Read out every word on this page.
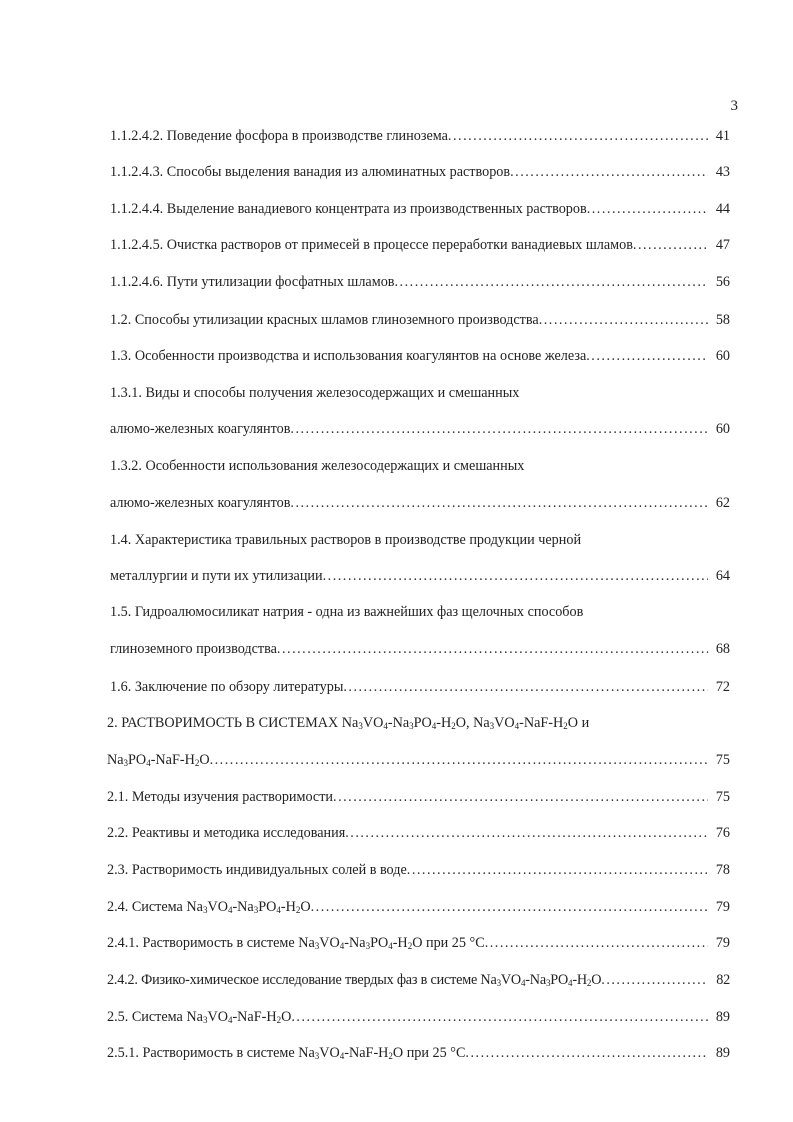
3
1.1.2.4.2. Поведение фосфора в производстве глинозема .....	41
1.1.2.4.3. Способы выделения ванадия из алюминатных растворов .....	43
1.1.2.4.4. Выделение ванадиевого концентрата из производственных растворов .....	44
1.1.2.4.5. Очистка растворов от примесей в процессе переработки ванадиевых шламов .....	47
1.1.2.4.6. Пути утилизации фосфатных шламов .....	56
1.2. Способы утилизации красных шламов глиноземного производства .....	58
1.3. Особенности производства и использования коагулянтов на основе железа .....	60
1.3.1. Виды и способы получения железосодержащих и смешанных
алюмо-железных коагулянтов .....	60
1.3.2. Особенности использования железосодержащих и смешанных
алюмо-железных коагулянтов .....	62
1.4. Характеристика травильных растворов в производстве продукции черной
металлургии и пути их утилизации .....	64
1.5. Гидроалюмосиликат натрия - одна из важнейших фаз щелочных способов
глиноземного производства .....	68
1.6. Заключение по обзору литературы .....	72
2. РАСТВОРИМОСТЬ В СИСТЕМАХ $Na_3VO_4-Na_3PO_4-H_2O$, $Na_3VO_4-NaF-H_2O$ и
$Na_3PO_4-NaF-H_2O$ .....	75
2.1. Методы изучения растворимости .....	75
2.2. Реактивы и методика исследования .....	76
2.3. Растворимость индивидуальных солей в воде .....	78
2.4. Система $Na_3VO_4-Na_3PO_4-H_2O$ .....	79
2.4.1. Растворимость в системе $Na_3VO_4-Na_3PO_4-H_2O$ при 25 °С .....	79
2.4.2. Физико-химическое исследование твердых фаз в системе $Na_3VO_4-Na_3PO_4-H_2O$ .....	82
2.5. Система $Na_3VO_4-NaF-H_2O$ .....	89
2.5.1. Растворимость в системе $Na_3VO_4-NaF-H_2O$ при 25 °С .....	89
